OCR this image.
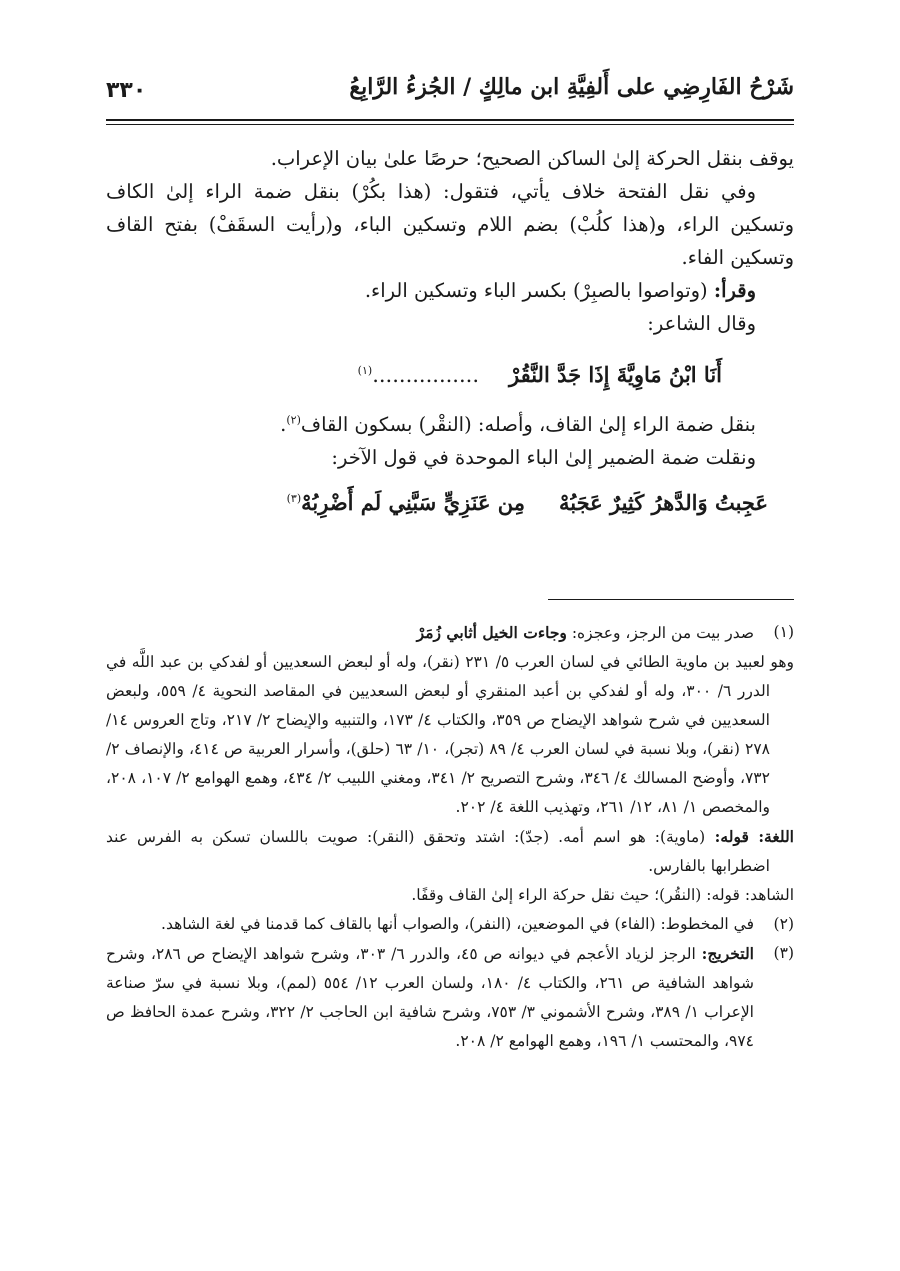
٣٣٠	شَرْحُ الفَارِضِي على أَلفِيَّةِ ابن مالِكٍ / الجُزءُ الرَّابِعُ

يوقف بنقل الحركة إلىٰ الساكن الصحيح؛ حرصًا علىٰ بيان الإعراب.

وفي نقل الفتحة خلاف يأتي، فتقول: (هذا بكُرْ) بنقل ضمة الراء إلىٰ الكاف وتسكين الراء، و(هذا كلُبْ) بضم اللام وتسكين الباء، و(رأيت السقَفْ) بفتح القاف وتسكين الفاء.

وقرأ: (وتواصوا بالصبِرْ) بكسر الباء وتسكين الراء.

وقال الشاعر:

أَنَا ابْنُ مَاوِيَّةَ إِذَا جَدَّ النَّقُرْ................$^{(١)}$

بنقل ضمة الراء إلىٰ القاف، وأصله: (النقْر) بسكون القاف$^{(٢)}$.

ونقلت ضمة الضمير إلىٰ الباء الموحدة في قول الآخر:

عَجِبتُ وَالدَّهرُ كَثِيرٌ عَجَبُهْمِن عَنَزِيٍّ سَبَّنِي لَم أَضْرِبُهْ$^{(٣)}$
(١)

صدر بيت من الرجز، وعجزه: وجاءت الخيل أثابي زُمَرْ

وهو لعبيد بن ماوية الطائي في لسان العرب ٥/ ٢٣١ (نقر)، وله أو لبعض السعديين أو لفدكي بن عبد اللَّه في الدرر ٦/ ٣٠٠، وله أو لفدكي بن أعبد المنقري أو لبعض السعديين في المقاصد النحوية ٤/ ٥٥٩، ولبعض السعديين في شرح شواهد الإيضاح ص ٣٥٩، والكتاب ٤/ ١٧٣، والتنبيه والإيضاح ٢/ ٢١٧، وتاج العروس ١٤/ ٢٧٨ (نقر)، وبلا نسبة في لسان العرب ٤/ ٨٩ (تجر)، ١٠/ ٦٣ (حلق)، وأسرار العربية ص ٤١٤، والإنصاف ٢/ ٧٣٢، وأوضح المسالك ٤/ ٣٤٦، وشرح التصريح ٢/ ٣٤١، ومغني اللبيب ٢/ ٤٣٤، وهمع الهوامع ٢/ ١٠٧، ٢٠٨، والمخصص ١/ ٨١، ١٢/ ٢٦١، وتهذيب اللغة ٤/ ٢٠٢.

اللغة: قوله: (ماوية): هو اسم أمه. (جدّ): اشتد وتحقق (النقر): صويت باللسان تسكن به الفرس عند اضطرابها بالفارس.

الشاهد: قوله: (النقُر)؛ حيث نقل حركة الراء إلىٰ القاف وقفًا.

(٢)

في المخطوط: (الفاء) في الموضعين، (النفر)، والصواب أنها بالقاف كما قدمنا في لغة الشاهد.

(٣)

التخريج: الرجز لزياد الأعجم في ديوانه ص ٤٥، والدرر ٦/ ٣٠٣، وشرح شواهد الإيضاح ص ٢٨٦، وشرح شواهد الشافية ص ٢٦١، والكتاب ٤/ ١٨٠، ولسان العرب ١٢/ ٥٥٤ (لمم)، وبلا نسبة في سرّ صناعة الإعراب ١/ ٣٨٩، وشرح الأشموني ٣/ ٧٥٣، وشرح شافية ابن الحاجب ٢/ ٣٢٢، وشرح عمدة الحافظ ص ٩٧٤، والمحتسب ١/ ١٩٦، وهمع الهوامع ٢/ ٢٠٨.
